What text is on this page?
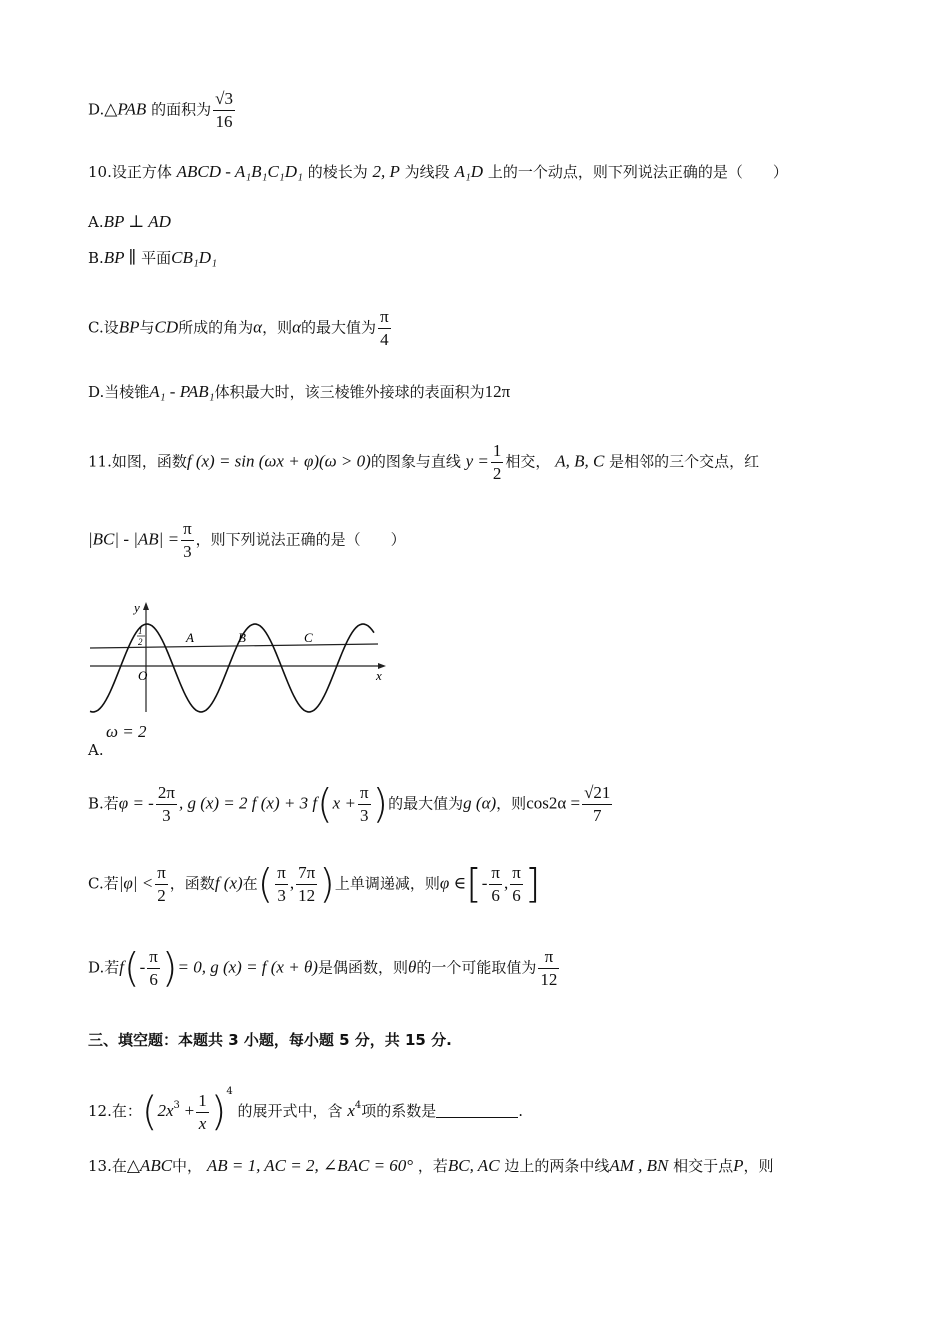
D.△PAB 的面积为 $\frac{√3}{16}$
10.设正方体 ABCD - A₁B₁C₁D₁ 的棱长为 2, P 为线段 A₁D 上的一个动点，则下列说法正确的是（　　）
A.BP ⊥ AD
B.BP ∥ 平面CB₁D₁
C.设BP与CD所成的角为α，则α的最大值为 $\frac{\pi}{4}$
D.当棱锥A₁ - PAB₁体积最大时，该三棱锥外接球的表面积为12π
11.如图，函数f (x) = sin (ωx + φ)(ω > 0)的图象与直线 $y = \frac{1}{2}$ 相交， A, B, C 是相邻的三个交点，红
$|BC| - |AB| = \frac{\pi}{3}$ ，则下列说法正确的是（　　）
y
1
2	A	B	C
O	x
ω = 2
A.
B.若φ = - $\frac{2\pi}{3}$ , g (x) = 2 f (x) + 3 $f(x + \frac{\pi}{3}$ )的最大值为g (α)，则$\cos 2\alpha = \frac{√21}{7}$
C.若$|\varphi| < \frac{\pi}{2}$ ，函数f (x)在( $\frac{\pi}{3}$ , $\frac{7\pi}{12}$ )上单调递减，则φ ∈[- $\frac{\pi}{6}$ , $\frac{\pi}{6}$ ]
D.若$f(- \frac{\pi}{6}$ )= 0, g (x) = f (x + θ)是偶函数，则θ的一个可能取值为 $\frac{\pi}{12}$
三、填空题：本题共 3 小题，每小题 5 分，共 15 分.
12.在：$(2x^3 + \frac{1}{x} )^4$ 的展开式中，含 $x^4$项的系数是	.
13.在△ABC中， AB = 1, AC = 2, ∠BAC = 60° ，若BC, AC 边上的两条中线AM , BN 相交于点P，则
